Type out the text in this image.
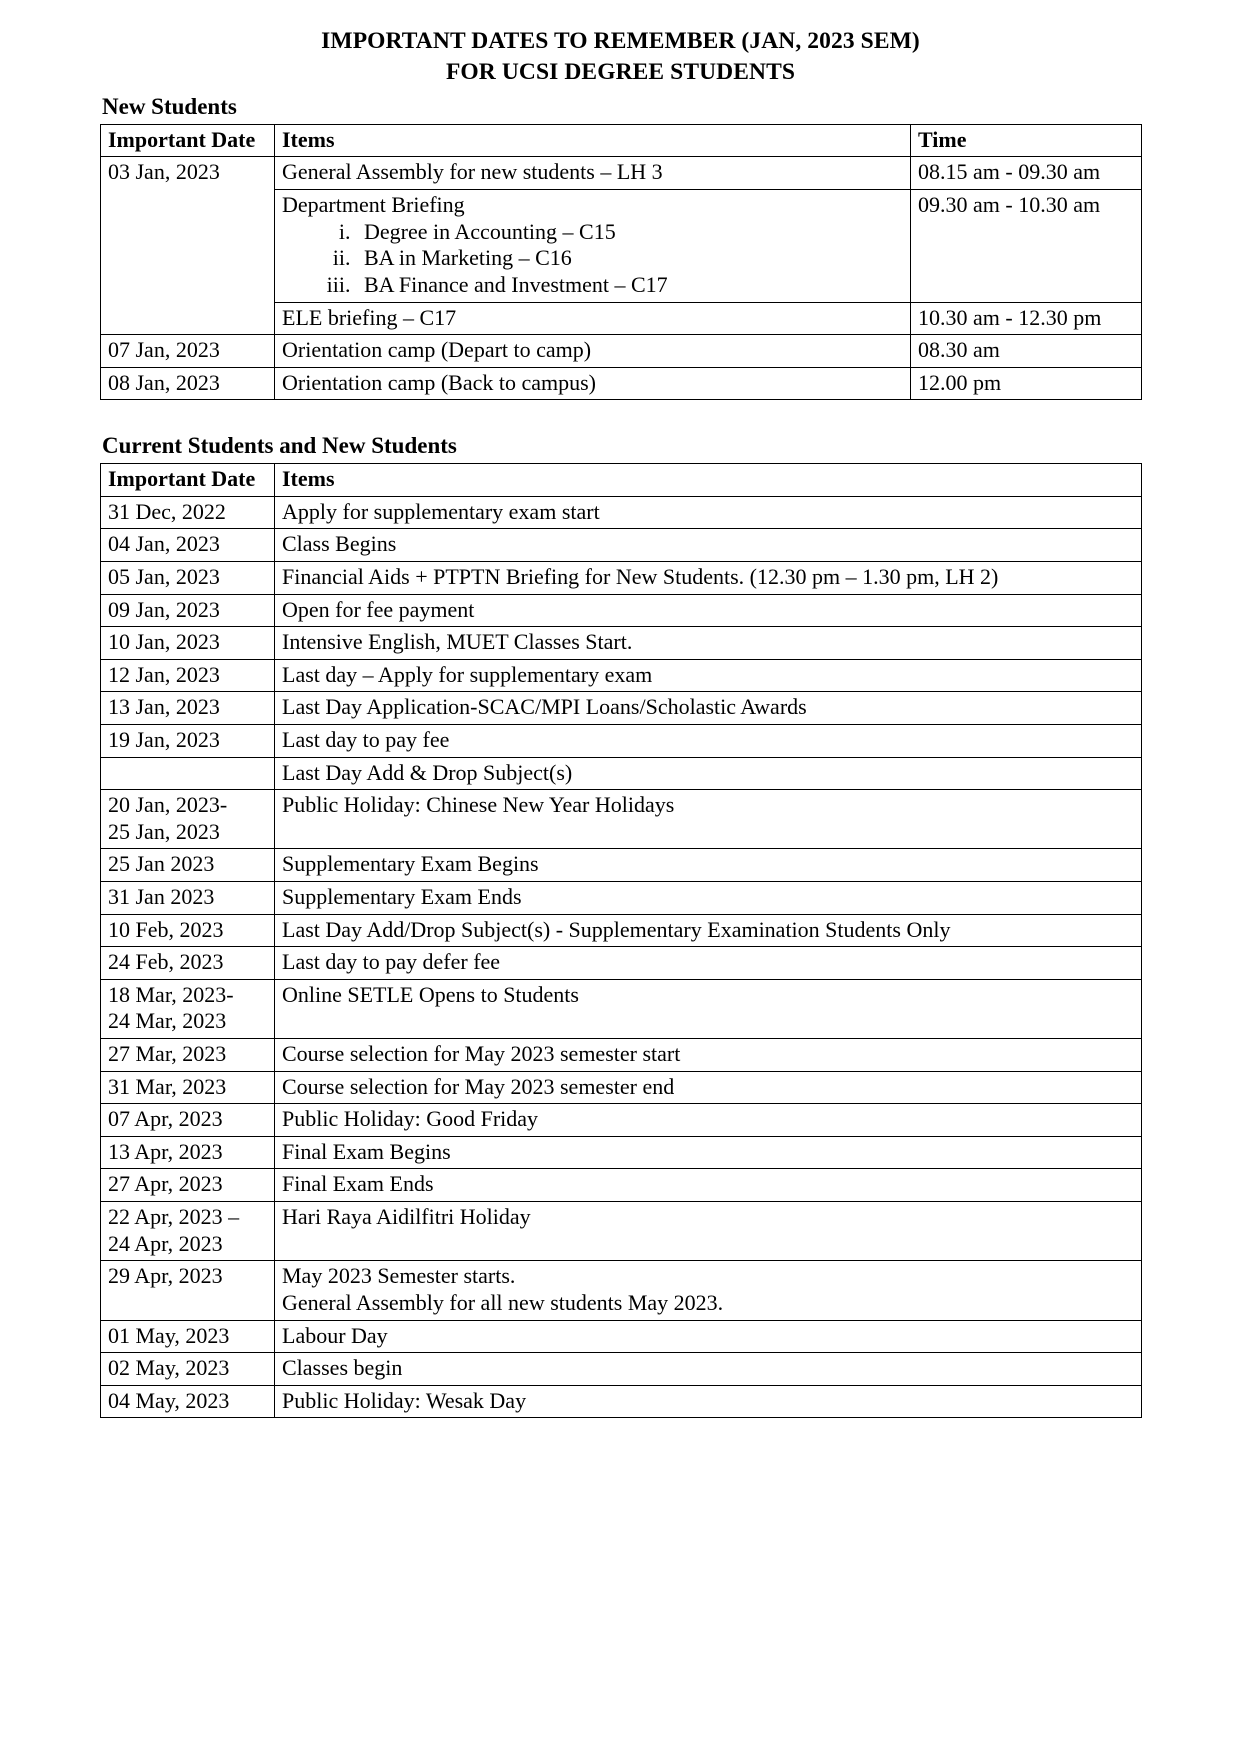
IMPORTANT DATES TO REMEMBER (JAN, 2023 SEM)
FOR UCSI DEGREE STUDENTS
New Students
Important Date	Items	Time
03 Jan, 2023	General Assembly for new students – LH 3	08.15 am - 09.30 am
Department Briefing
i. Degree in Accounting – C15
ii. BA in Marketing – C16
iii. BA Finance and Investment – C17
	09.30 am - 10.30 am
	ELE briefing – C17	10.30 am - 12.30 pm
07 Jan, 2023	Orientation camp (Depart to camp)	08.30 am
08 Jan, 2023	Orientation camp (Back to campus)	12.00 pm
Current Students and New Students
Important Date	Items
31 Dec, 2022	Apply for supplementary exam start
04 Jan, 2023	Class Begins
05 Jan, 2023	Financial Aids + PTPTN Briefing for New Students. (12.30 pm – 1.30 pm, LH 2)
09 Jan, 2023	Open for fee payment
10 Jan, 2023	Intensive English, MUET Classes Start.
12 Jan, 2023	Last day – Apply for supplementary exam
13 Jan, 2023	Last Day Application-SCAC/MPI Loans/Scholastic Awards
19 Jan, 2023	Last day to pay fee
	Last Day Add & Drop Subject(s)
20 Jan, 2023-
25 Jan, 2023	Public Holiday: Chinese New Year Holidays
25 Jan 2023	Supplementary Exam Begins
31 Jan 2023	Supplementary Exam Ends
10 Feb, 2023	Last Day Add/Drop Subject(s) - Supplementary Examination Students Only
24 Feb, 2023	Last day to pay defer fee
18 Mar, 2023-
24 Mar, 2023	Online SETLE Opens to Students
27 Mar, 2023	Course selection for May 2023 semester start
31 Mar, 2023	Course selection for May 2023 semester end
07 Apr, 2023	Public Holiday: Good Friday
13 Apr, 2023	Final Exam Begins
27 Apr, 2023	Final Exam Ends
22 Apr, 2023 –
24 Apr, 2023	Hari Raya Aidilfitri Holiday
29 Apr, 2023	May 2023 Semester starts.
General Assembly for all new students May 2023.
01 May, 2023	Labour Day
02 May, 2023	Classes begin
04 May, 2023	Public Holiday: Wesak Day
